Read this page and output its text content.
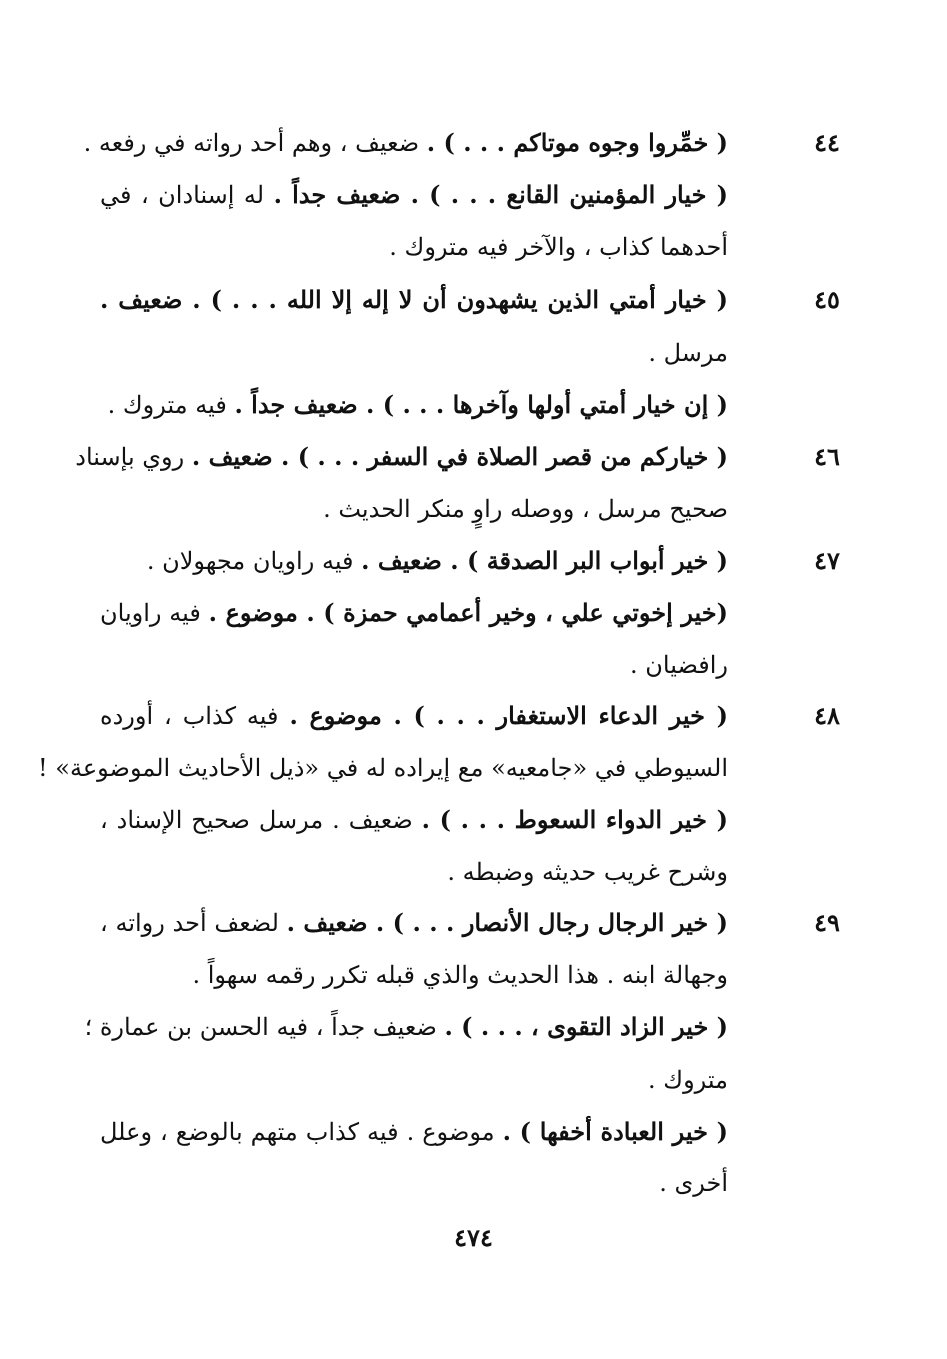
٤٤
( خمِّروا وجوه موتاكم . . . ) . ضعيف ، وهم أحد رواته في رفعه .
( خيار المؤمنين القانع . . . ) . ضعيف جداً . له إسنادان ، في
أحدهما كذاب ، والآخر فيه متروك .
٤٥
( خيار أمتي الذين يشهدون أن لا إله إلا الله . . . ) . ضعيف .
مرسل .
( إن خيار أمتي أولها وآخرها . . . ) . ضعيف جداً . فيه متروك .
٤٦
( خياركم من قصر الصلاة في السفر . . . ) . ضعيف . روي بإسناد
صحيح مرسل ، ووصله راوٍ منكر الحديث .
٤٧
( خير أبواب البر الصدقة ) . ضعيف . فيه راويان مجهولان .
(خير إخوتي علي ، وخير أعمامي حمزة ) . موضوع . فيه راويان
رافضيان .
٤٨
( خير الدعاء الاستغفار . . . ) . موضوع . فيه كذاب ، أورده
السيوطي في «جامعيه» مع إيراده له في «ذيل الأحاديث الموضوعة» !
( خير الدواء السعوط . . . ) . ضعيف . مرسل صحيح الإسناد ،
وشرح غريب حديثه وضبطه .
٤٩
( خير الرجال رجال الأنصار . . . ) . ضعيف . لضعف أحد رواته ،
وجهالة ابنه . هذا الحديث والذي قبله تكرر رقمه سهواً .
( خير الزاد التقوى ، . . . ) . ضعيف جداً ، فيه الحسن بن عمارة ؛
متروك .
( خير العبادة أخفها ) . موضوع . فيه كذاب متهم بالوضع ، وعلل
أخرى .
٤٧٤
